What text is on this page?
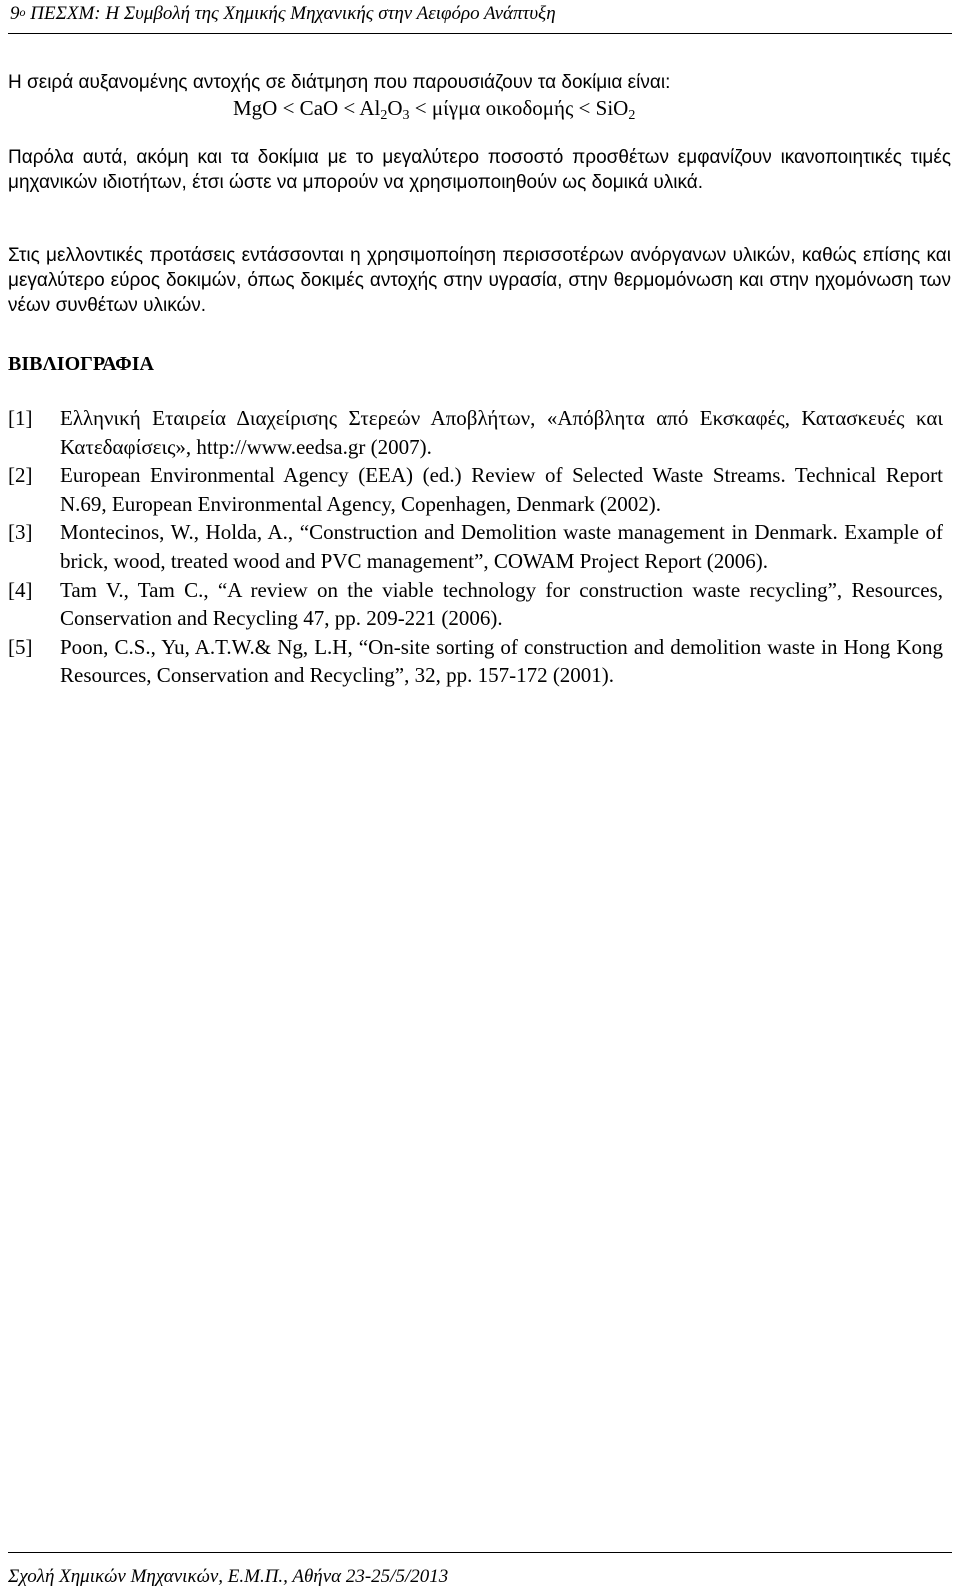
$9^o$ ΠΕΣΧΜ: Η Συμβολή της Χημικής Μηχανικής στην Αειφόρο Ανάπτυξη
Η σειρά αυξανομένης αντοχής σε διάτμηση που παρουσιάζουν τα δοκίμια είναι:
MgO < CaO < $Al_2O_3 < \mu ί\gamma\mu\alpha$ οικοδομής < SiO$_2$
Παρόλα αυτά, ακόμη και τα δοκίμια με το μεγαλύτερο ποσοστό προσθέτων εμφανίζουν ικανοποιητικές τιμές μηχανικών ιδιοτήτων, έτσι ώστε να μπορούν να χρησιμοποιηθούν ως δομικά υλικά.
Στις μελλοντικές προτάσεις εντάσσονται η χρησιμοποίηση περισσοτέρων ανόργανων υλικών, καθώς επίσης και μεγαλύτερο εύρος δοκιμών, όπως δοκιμές αντοχής στην υγρασία, στην θερμομόνωση και στην ηχομόνωση των νέων συνθέτων υλικών.
ΒΙΒΛΙΟΓΡΑΦΙΑ
[1]	Ελληνική Εταιρεία Διαχείρισης Στερεών Αποβλήτων, «Απόβλητα από Εκσκαφές, Κατασκευές και Κατεδαφίσεις», http://www.eedsa.gr (2007).
[2]	European Environmental Agency (EEA) (ed.) Review of Selected Waste Streams. Technical Report N.69, European Environmental Agency, Copenhagen, Denmark (2002).
[3]	Montecinos, W., Holda, A., “Construction and Demolition waste management in Denmark. Example of brick, wood, treated wood and PVC management”, COWAM Project Report (2006).
[4]	Tam V., Tam C., “A review on the viable technology for construction waste recycling”, Resources, Conservation and Recycling 47, pp. 209-221 (2006).
[5]	Poon, C.S., Yu, A.T.W.& Ng, L.H, “On-site sorting of construction and demolition waste in Hong Kong Resources, Conservation and Recycling”, 32, pp. 157-172 (2001).
Σχολή Χημικών Μηχανικών, Ε.Μ.Π., Αθήνα 23-25/5/2013
